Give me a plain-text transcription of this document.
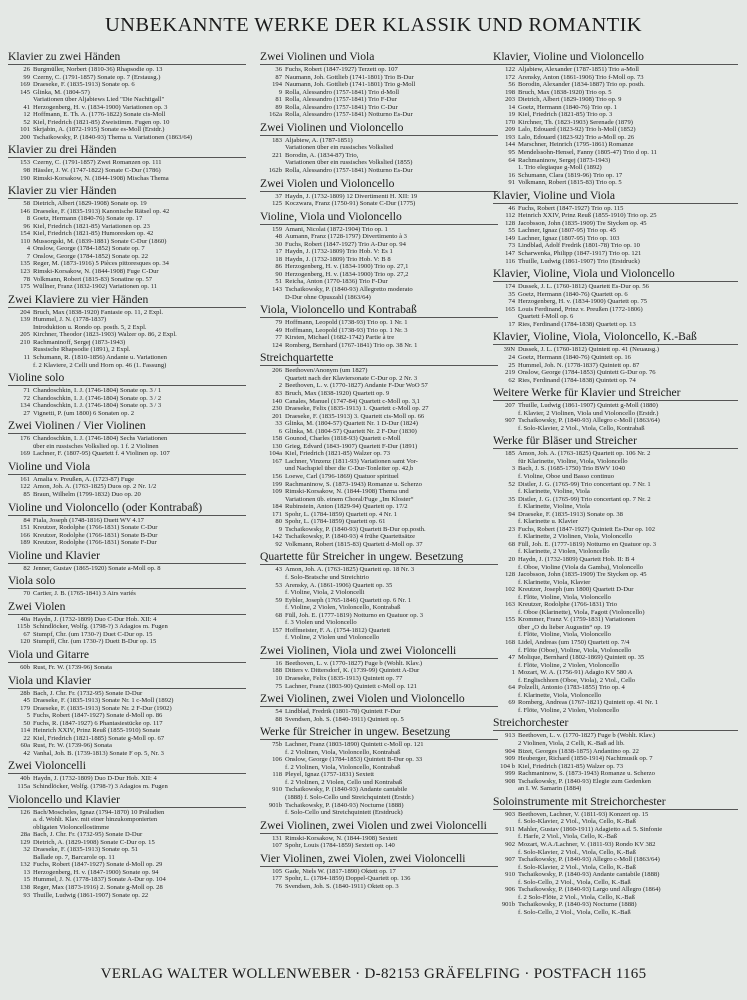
UNBEKANNTE WERKE DER KLASSIK UND ROMANTIK
Klavier zu zwei Händen
26 Burgmüller, Norbert (1810-36) Rhapsodie op. 13
99 Czerny, C. (1791-1857) Sonate op. 7 (Erstausg.)
169 Draeseke, F. (1835-1913) Sonate op. 6
145 Glinka, M. (1804-57)
Variationen über Aljabiews Lied "Die Nachtigall"
41 Herzogenberg, H. v. (1834-1900) Variationen op. 3
12 Hoffmann, E. Th. A. (1776-1822) Sonate cis-Moll
52 Kiel, Friedrich (1821-85) Zweistimm. Fugen op. 10
101 Skrjabin, A. (1872-1915) Sonate es-Moll (Erstdr.)
200 Tschaikowsky, P. (1840-93) Thema u. Variationen (1863/64)
Klavier zu drei Händen
153 Czerny, C. (1791-1857) Zwei Romanzen op. 111
98 Hässler, J. W. (1747-1822) Sonate C-Dur (1786)
190 Rimski-Korsakow, N. (1844-1908) Mischas Thema
Klavier zu vier Händen
58 Dietrich, Albert (1829-1908) Sonate op. 19
146 Draeseke, F. (1835-1913) Kanonische Rätsel op. 42
8 Goetz, Hermann (1840-76) Sonate op. 17
96 Kiel, Friedrich (1821-85) Variationen op. 23
154 Kiel, Friedrich (1821-85) Humoresken op. 42
110 Mussorgski, M. (1839-1881) Sonate C-Dur (1860)
4 Onslow, George (1784-1852) Sonate op. 7
7 Onslow, George (1784-1852) Sonate op. 22
135 Reger, M. (1873-1916) 5 Pièces pittoresques op. 34
123 Rimski-Korsakow, N. (1844-1908) Fuge C-Dur
78 Volkmann, Robert (1815-83) Sonatine op. 57
175 Wüllner, Franz (1832-1902) Variationen op. 11
Zwei Klaviere zu vier Händen
204 Bruch, Max (1838-1920) Fantasie op. 11, 2 Expl.
139 Hummel, J. N. (1778-1837)
Introduktion u. Rondo op. posth. 5, 2 Expl.
205 Kirchner, Theodor (1823-1903) Walzer op. 86, 2 Expl.
210 Rachmaninoff, Sergej (1873-1943)
Russische Rhapsodie (1891), 2 Expl.
11 Schumann, R. (1810-1856) Andante u. Variationen
f. 2 Klaviere, 2 Celli und Horn op. 46 (1. Fassung)
Violine solo
71 Chandoschkin, I. J. (1746-1804) Sonate op. 3 / 1
72 Chandoschkin, I. J. (1746-1804) Sonate op. 3 / 2
134 Chandoschkin, I. J. (1746-1804) Sonate op. 3 / 3
27 Vignetti, P. (um 1800) 6 Sonaten op. 2
Zwei Violinen / Vier Violinen
176 Chandoschkin, I. J. (1746-1804) Sechs Variationen
über ein russisches Volkslied op. 1 f. 2 Violinen
169 Lachner, F. (1807-95) Quartett f. 4 Violinen op. 107
Violine und Viola
161 Amalia v. Preußen, A. (1723-87) Fuge
122 Amon, Joh. A. (1763-1825) Duos op. 2 Nr. 1/2
85 Braun, Wilhelm (1799-1832) Duo op. 20
Violine und Violoncello (oder Kontrabaß)
84 Fiala, Joseph (1748-1816) Duett WV 4.17
151 Kreutzer, Rodolphe (1766-1831) Sonate C-Dur
166 Kreutzer, Rodolphe (1766-1831) Sonate B-Dur
189 Kreutzer, Rodolphe (1766-1831) Sonate F-Dur
Violine und Klavier
82 Jenner, Gustav (1865-1920) Sonate a-Moll op. 8
Viola solo
70 Cartier, J. B. (1765-1841) 3 Airs variés
Zwei Violen
40a Haydn, J. (1732-1809) Duo C-Dur Hob. XII: 4
115b Schindlöcker, Wolfg. (1798-?) 3 Adagios m. Fugen
67 Stumpf, Chr. (um 1730-?) Duet C-Dur op. 15
120 Stumpff, Chr. (um 1730-?) Duett B-Dur op. 15
Viola und Gitarre
60b Rust, Fr. W. (1739-96) Sonata
Viola und Klavier
28b Bach, J. Chr. Fr. (1732-95) Sonate D-Dur
45 Draeseke, F. (1835-1913) Sonate Nr. 1 c-Moll (1892)
179 Draeseke, F. (1835-1913) Sonate Nr. 2 F-Dur (1902)
5 Fuchs, Robert (1847-1927) Sonate d-Moll op. 86
50 Fuchs, R. (1847-1927) 6 Phantasiestücke op. 117
114 Heinrich XXIV, Prinz Reuß (1855-1910) Sonate
22 Kiel, Friedrich (1821-1885) Sonate g-Moll op. 67
60a Rust, Fr. W. (1739-96) Sonata
42 Vanhal, Joh. B. (1739-1813) Sonate F op. 5, Nr. 3
Zwei Violoncelli
40b Haydn, J. (1732-1809) Duo D-Dur Hob. XII: 4
115a Schindlöcker, Wolfg. (1798-?) 3 Adagios m. Fugen
Violoncello und Klavier
126 Bach/Moscheles, Ignaz (1794-1870) 10 Präludien
a. d. Wohlt. Klav. mit einer hinzukomponierten
obligaten Violoncellostimme
28a Bach, J. Chr. Fr. (1732-95) Sonate D-Dur
129 Dietrich, A. (1829-1908) Sonate C-Dur op. 15
32 Draeseke, F. (1835-1913) Sonate op. 51
Ballade op. 7, Barcarole op. 11
132 Fuchs, Robert (1847-1927) Sonate d-Moll op. 29
13 Herzogenberg, H. v. (1847-1900) Sonate op. 94
15 Hummel, J. N. (1778-1837) Sonate A-Dur op. 104
138 Reger, Max (1873-1916) 2. Sonate g-Moll op. 28
93 Thuille, Ludwig (1861-1907) Sonate op. 22
Zwei Violinen und Viola
36 Fuchs, Robert (1847-1927) Terzett op. 107
87 Naumann, Joh. Gottlieb (1741-1801) Trio B-Dur
194 Naumann, Joh. Gottlieb (1741-1801) Trio g-Moll
9 Rolla, Alessandro (1757-1841) Trio d-Moll
81 Rolla, Alessandro (1757-1841) Trio F-Dur
89 Rolla, Alessandro (1757-1841) Trio C-Dur
162a Rolla, Alessandro (1757-1841) Notturno Es-Dur
Zwei Violinen und Violoncello
183 Aljabiew, A. (1787-1851)
Variationen über ein russisches Volkslied
221 Borodin, A. (1834-87) Trio,
Variationen über ein russisches Volkslied (1855)
162b Rolla, Alessandro (1757-1841) Notturno Es-Dur
Zwei Violen und Violoncello
37 Haydn, J. (1732-1809) 12 Divertimenti H. XII: 19
125 Koczwara, Franz (1750-91) Sonate C-Dur (1775)
Violine, Viola und Violoncello
159 Amani, Nicolai (1872-1904) Trio op. 1
48 Aumann, Franz (1728-1797) Divertimento à 3
30 Fuchs, Robert (1847-1927) Trio A-Dur op. 94
17 Haydn, J. (1732-1809) Trio Hob. V: Es 1
18 Haydn, J. (1732-1809) Trio Hob. V: B 8
86 Herzogenberg, H. v. (1834-1900) Trio op. 27,1
90 Herzogenberg, H. v. (1834-1900) Trio op. 27,2
51 Reicha, Anton (1770-1836) Trio F-Dur
143 Tschaikowsky, P. (1840-93) Allegretto moderato
D-Dur ohne Opuszahl (1863/64)
Viola, Violoncello und Kontrabaß
79 Hoffmann, Leopold (1738-93) Trio op. 1 Nr. 1
49 Hoffmann, Leopold (1738-93) Trio op. 1 Nr. 3
77 Kirsten, Michael (1682-1742) Partie à tre
124 Romberg, Bernhard (1767-1841) Trio op. 38 Nr. 1
Streichquartette
206 Beethoven/Anonym (um 1827)
Quartett nach der Klaviersonate C-Dur op. 2 Nr. 3
2 Beethoven, L. v. (1770-1827) Andante F-Dur WoO 57
83 Bruch, Max (1838-1920) Quartett op. 9
140 Canales, Manuel (1747-84) Quartett c-Moll op. 3,1
230 Draeseke, Felix (1835-1913) 1. Quartett c-Moll op. 27
201 Draeseke, F. (1835-1913) 3. Quartett cis-Moll op. 66
33 Glinka, M. (1804-57) Quartett Nr. 1 D-Dur (1824)
6 Glinka, M. (1804-57) Quartett Nr. 2 F-Dur (1830)
158 Gounod, Charles (1818-93) Quartett c-Moll
130 Grieg, Edvard (1843-1907) Quartett F-Dur (1891)
104a Kiel, Friedrich (1821-85) Walzer op. 73
167 Lachner, Vinzenz (1811-93) Variationen samt Vor-
und Nachspiel über die C-Dur-Tonleiter op. 42,b
156 Loewe, Carl (1796-1869) Quatuor spirituel
199 Rachmaninow, S. (1873-1943) Romanze u. Scherzo
109 Rimski-Korsakow, N. (1844-1908) Thema und
Variationen üb. einem Choral/Fuge „Im Kloster“
184 Rubinstein, Anton (1829-94) Quartett op. 17/2
171 Spohr, L. (1784-1859) Quartett op. 4 Nr. 1
80 Spohr, L. (1784-1859) Quartett op. 61
9 Tschaikowsky, P. (1840-93) Quartett B-Dur op.posth.
142 Tschaikowsky, P. (1840-93) 4 frühe Quartettsätze
92 Volkmann, Robert (1815-83) Quartett d-Moll op. 37
Quartette für Streicher in ungew. Besetzung
43 Amon, Joh. A. (1763-1825) Quartett op. 18 Nr. 3
f. Solo-Bratsche und Streichtrio
53 Arensky, A. (1861-1906) Quartett op. 35
f. Violine, Viola, 2 Violoncelli
59 Eybler, Joseph (1765-1846) Quartett op. 6 Nr. 1
f. Violine, 2 Violen, Violoncello, Kontrabaß
68 Füll, Joh. E. (1777-1819) Notturno en Quatuor op. 3
f. 3 Violen und Violoncello
157 Hoffmeister, F. A. (1754-1812) Quartett
f. Violine, 2 Violen und Violoncello
Zwei Violinen, Viola und zwei Violoncelli
16 Beethoven, L. v. (1770-1827) Fuge b (Wohlt. Klav.)
188 Ditters v. Dittersdorf, K. (1739-99) Quintett A-Dur
10 Draeseke, Felix (1835-1913) Quintett op. 77
75 Lachner, Franz (1803-90) Quintett c-Moll op. 121
Zwei Violinen, zwei Violen und Violoncello
54 Lindblad, Fredrik (1801-78) Quintett F-Dur
88 Svendsen, Joh. S. (1840-1911) Quintett op. 5
Werke für Streicher in ungew. Besetzung
75b Lachner, Franz (1803-1890) Quintett c-Moll op. 121
f. 2 Violinen, Viola, Violoncello, Kontrabaß
106 Onslow, George (1784-1853) Quintett B-Dur op. 33
f. 2 Violinen, Viola, Violoncello, Kontrabaß
118 Pleyel, Ignaz (1757-1831) Sextett
f. 2 Violinen, 2 Violen, Cello und Kontrabaß
910 Tschaikowsky, P. (1840-93) Andante cantabile
(1888) f. Solo-Cello und Streichquintett (Erstdr.)
901b Tschaikowsky, P. (1840-93) Nocturne (1888)
f. Solo-Cello und Streichquintett (Erstdruck)
Zwei Violinen, zwei Violen und zwei Violoncelli
131 Rimski-Korsakow, N. (1844-1908) Sextett
107 Spohr, Louis (1784-1859) Sextett op. 140
Vier Violinen, zwei Violen, zwei Violoncelli
105 Gade, Niels W. (1817-1890) Oktett op. 17
177 Spohr, L. (1784-1859) Doppel-Quartett op. 136
76 Svendsen, Joh. S. (1840-1911) Oktett op. 3
Klavier, Violine und Violoncello
122 Aljabiew, Alexander (1787-1851) Trio a-Moll
172 Arensky, Anton (1861-1906) Trio f-Moll op. 73
56 Borodin, Alexander (1834-1887) Trio op. posth.
198 Bruch, Max (1838-1920) Trio op. 5
203 Dietrich, Albert (1829-1908) Trio op. 9
14 Goetz, Hermann (1840-76) Trio op. 1
19 Kiel, Friedrich (1821-85) Trio op. 3
170 Kirchner, Th. (1823-1903) Serenade (1879)
209 Lalo, Edouard (1823-92) Trio h-Moll (1852)
193 Lalo, Edouard (1823-92) Trio a-Moll op. 26
144 Marschner, Heinrich (1795-1861) Romanze
95 Mendelssohn-Hensel, Fanny (1805-47) Trio d op. 11
64 Rachmaninow, Sergej (1873-1943)
1. Trio elegiaque g-Moll (1892)
16 Schumann, Clara (1819-96) Trio op. 17
91 Volkmann, Robert (1815-83) Trio op. 5
Klavier, Violine und Viola
46 Fuchs, Robert (1847-1927) Trio op. 115
112 Heinrich XXIV, Prinz Reuß (1855-1910) Trio op. 25
128 Jacobsson, John (1835-1909) Tre Stycken op. 45
55 Lachner, Ignaz (1807-95) Trio op. 45
149 Lachner, Ignaz (1807-95) Trio op. 103
73 Lindblad, Adolf Fredrik (1801-78) Trio op. 10
147 Scharwenka, Philipp (1847-1917) Trio op. 121
116 Thuille, Ludwig (1861-1907) Trio (Erstdruck)
Klavier, Violine, Viola und Violoncello
174 Dussek, J. L. (1760-1812) Quartett Es-Dur op. 56
35 Goetz, Hermann (1840-76) Quartett op. 6
74 Herzogenberg, H. v. (1834-1900) Quartett op. 75
165 Louis Ferdinand, Prinz v. Preußen (1772-1806)
Quartett f-Moll op. 6
17 Ries, Ferdinand (1784-1838) Quartett op. 13
Klavier, Violine, Viola, Violoncello, K.-Baß
39N Dussek, J. L. (1760-1812) Quintett op. 41 (Neuausg.)
24 Goetz, Hermann (1840-76) Quintett op. 16
25 Hummel, Joh. N. (1778-1837) Quintett op. 87
219 Onslow, George (1784-1853) Quintett G-Dur op. 76
62 Ries, Ferdinand (1784-1838) Quintett op. 74
Weitere Werke für Klavier und Streicher
207 Thuille, Ludwig (1861-1907) Quintett g-Moll (1880)
f. Klavier, 2 Violinen, Viola und Violoncello (Erstdr.)
907 Tschaikowsky, P. (1840-93) Allegro c-Moll (1863/64)
f. Solo-Klavier, 2 Viol., Viola, Cello, Kontrabaß
Werke für Bläser und Streicher
185 Amon, Joh. A. (1763-1825) Quartett op. 106 Nr. 2
für Klarinette, Violine, Viola, Violoncello
3 Bach, J. S. (1685-1750) Trio BWV 1040
f. Violine, Oboe und Basso continuo
52 Distler, J. G. (1765-99) Trio concertant op. 7 Nr. 1
f. Klarinette, Violine, Viola
35 Distler, J. G. (1765-99) Trio concertant op. 7 Nr. 2
f. Klarinette, Violine, Viola
94 Draeseke, F. (1835-1913) Sonate op. 38
f. Klarinette u. Klavier
23 Fuchs, Robert (1847-1927) Quintett Es-Dur op. 102
f. Klarinette, 2 Violinen, Viola, Violoncello
68 Füll, Joh. E. (1777-1819) Notturno en Quatuor op. 3
f. Klarinette, 2 Violen, Violoncello
20 Haydn, J. (1732-1809) Quartett Hob. II: B 4
f. Oboe, Violine (Viola da Gamba), Violoncello
128 Jacobsson, John (1835-1909) Tre Stycken op. 45
f. Klarinette, Viola, Klavier
102 Kreutzer, Joseph (um 1800) Quartett D-Dur
f. Flöte, Violine, Viola, Violoncello
163 Kreutzer, Rodolphe (1766-1831) Trio
f. Oboe (Klarinette), Viola, Fagott (Violoncello)
155 Krommer, Franz V. (1759-1831) Variationen
über „O du lieber Augustin“ op. 19
f. Flöte, Violine, Viola, Violoncello
168 Lidel, Andreas (um 1750) Quartett op. 7/4
f. Flöte (Oboe), Violine, Viola, Violoncello
47 Molique, Bernhard (1802-1869) Quintett op. 35
f. Flöte, Violine, 2 Violen, Violoncello
1 Mozart, W. A. (1756-91) Adagio KV 580 A
f. Englischhorn (Oboe, Viola), 2 Viol., Cello
64 Polzelli, Antonio (1783-1855) Trio op. 4
f. Klarinette, Viola, Violoncello
69 Romberg, Andreas (1767-1821) Quintett op. 41 Nr. 1
f. Flöte, Violine, 2 Violen, Violoncello
Streichorchester
913 Beethoven, L. v. (1770-1827) Fuge b (Wohlt. Klav.)
2 Violinen, Viola, 2 Celli, K.-Baß ad lib.
904 Bizet, Georges (1838-1875) Andantino op. 22
909 Heuberger, Richard (1850-1914) Nachtmusik op. 7
104 b Kiel, Friedrich (1821-85) Walzer op. 73
999 Rachmaninow, S. (1873-1943) Romanze u. Scherzo
908 Tschaikowsky, P. (1840-93) Elegie zum Gedenken
an I. W. Samarin (1884)
Soloinstrumente mit Streichorchester
903 Beethoven, Lachner, V. (1811-93) Konzert op. 15
f. Solo-Klavier, 2 Viol., Viola, Cello, K.-Baß
911 Mahler, Gustav (1860-1911) Adagietto a.d. 5. Sinfonie
f. Harfe, 2 Viol., Viola, Cello, K.-Baß
902 Mozart, W.A./Lachner, V. (1811-93) Rondo KV 382
f. Solo-Klavier, 2 Viol., Viola, Cello, K.-Baß
907 Tschaikowsky, P. (1840-93) Allegro c-Moll (1863/64)
f. Solo-Klavier, 2 Viol., Viola, Cello, K.-Baß
910 Tschaikowsky, P. (1840-93) Andante cantabile (1888)
f. Solo-Cello, 2 Viol., Viola, Cello, K.-Baß
906 Tschaikowsky, P. (1840-93) Largo und Allegro (1864)
f. 2 Solo-Flöte, 2 Viol., Viola, Cello, K.-Baß
901b Tschaikowsky, P. (1840-93) Nocturne (1888)
f. Solo-Cello, 2 Viol., Viola, Cello, K.-Baß
VERLAG WALTER WOLLENWEBER · D-82153 GRÄFELFING · POSTFACH 1165
